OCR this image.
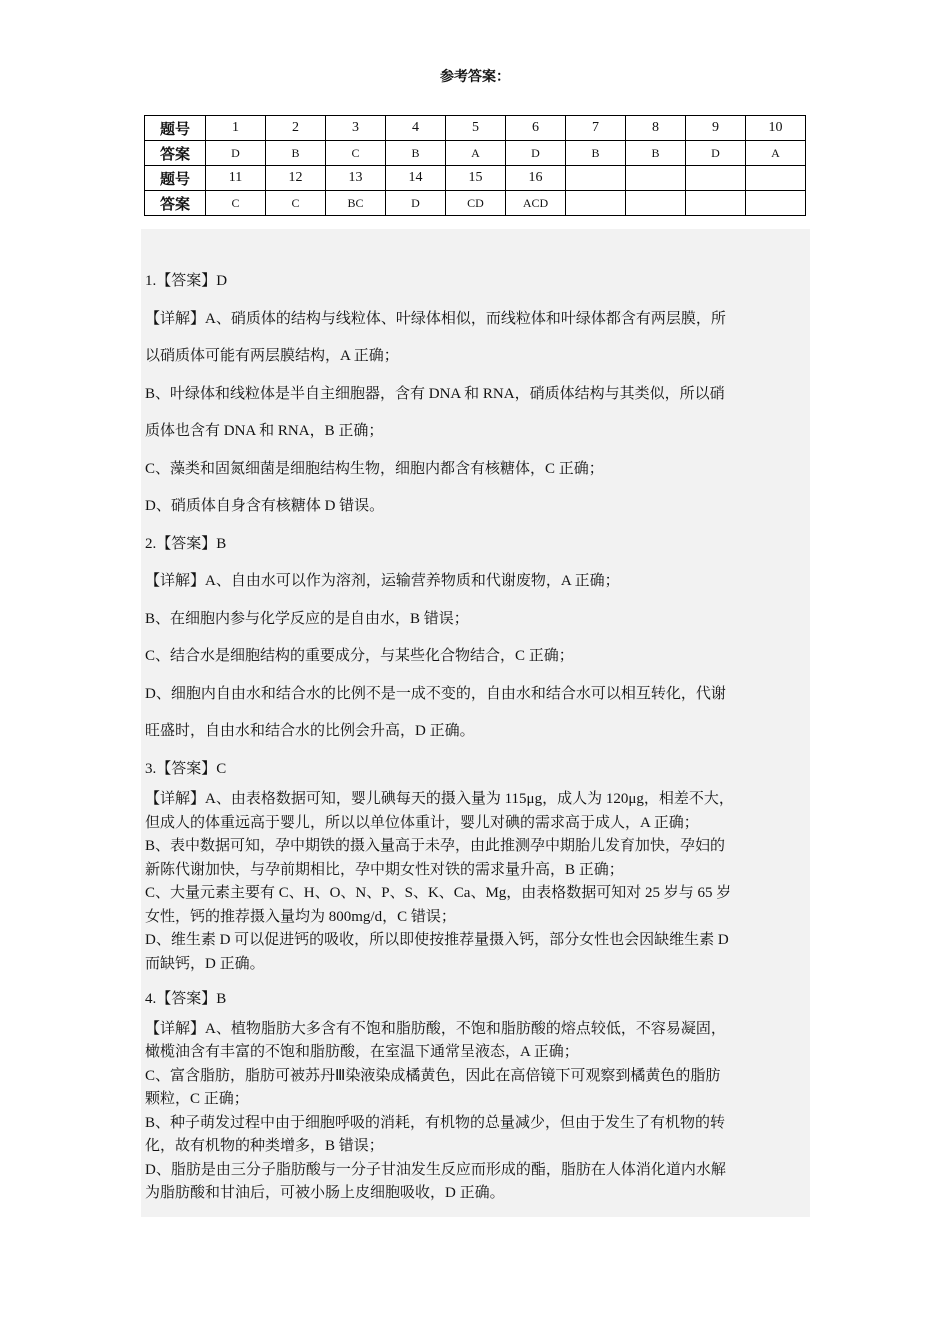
参考答案：
题号	1	2	3	4	5	6	7	8	9	10
答案	D	B	C	B	A	D	B	B	D	A
题号	11	12	13	14	15	16				
答案	C	C	BC	D	CD	ACD				

1.【答案】D

【详解】A、硝质体的结构与线粒体、叶绿体相似，而线粒体和叶绿体都含有两层膜，所

以硝质体可能有两层膜结构，A 正确；

B、叶绿体和线粒体是半自主细胞器，含有 DNA 和 RNA，硝质体结构与其类似，所以硝

质体也含有 DNA 和 RNA，B 正确；

C、藻类和固氮细菌是细胞结构生物，细胞内都含有核糖体，C 正确；

D、硝质体自身含有核糖体 D 错误。

2.【答案】B

【详解】A、自由水可以作为溶剂，运输营养物质和代谢废物，A 正确；

B、在细胞内参与化学反应的是自由水，B 错误；

C、结合水是细胞结构的重要成分，与某些化合物结合，C 正确；

D、细胞内自由水和结合水的比例不是一成不变的，自由水和结合水可以相互转化，代谢

旺盛时，自由水和结合水的比例会升高，D 正确。

3.【答案】C

【详解】A、由表格数据可知，婴儿碘每天的摄入量为 115μg，成人为 120μg，相差不大，

但成人的体重远高于婴儿，所以以单位体重计，婴儿对碘的需求高于成人，A 正确；

B、表中数据可知，孕中期铁的摄入量高于未孕，由此推测孕中期胎儿发育加快，孕妇的

新陈代谢加快，与孕前期相比，孕中期女性对铁的需求量升高，B 正确；

C、大量元素主要有 C、H、O、N、P、S、K、Ca、Mg，由表格数据可知对 25 岁与 65 岁

女性，钙的推荐摄入量均为 800mg/d，C 错误；

D、维生素 D 可以促进钙的吸收，所以即使按推荐量摄入钙，部分女性也会因缺维生素 D

而缺钙，D 正确。

4.【答案】B

【详解】A、植物脂肪大多含有不饱和脂肪酸，不饱和脂肪酸的熔点较低，不容易凝固，

橄榄油含有丰富的不饱和脂肪酸，在室温下通常呈液态，A 正确；

C、富含脂肪，脂肪可被苏丹Ⅲ染液染成橘黄色，因此在高倍镜下可观察到橘黄色的脂肪

颗粒，C 正确；

B、种子萌发过程中由于细胞呼吸的消耗，有机物的总量减少，但由于发生了有机物的转

化，故有机物的种类增多，B 错误；

D、脂肪是由三分子脂肪酸与一分子甘油发生反应而形成的酯，脂肪在人体消化道内水解

为脂肪酸和甘油后，可被小肠上皮细胞吸收，D 正确。
